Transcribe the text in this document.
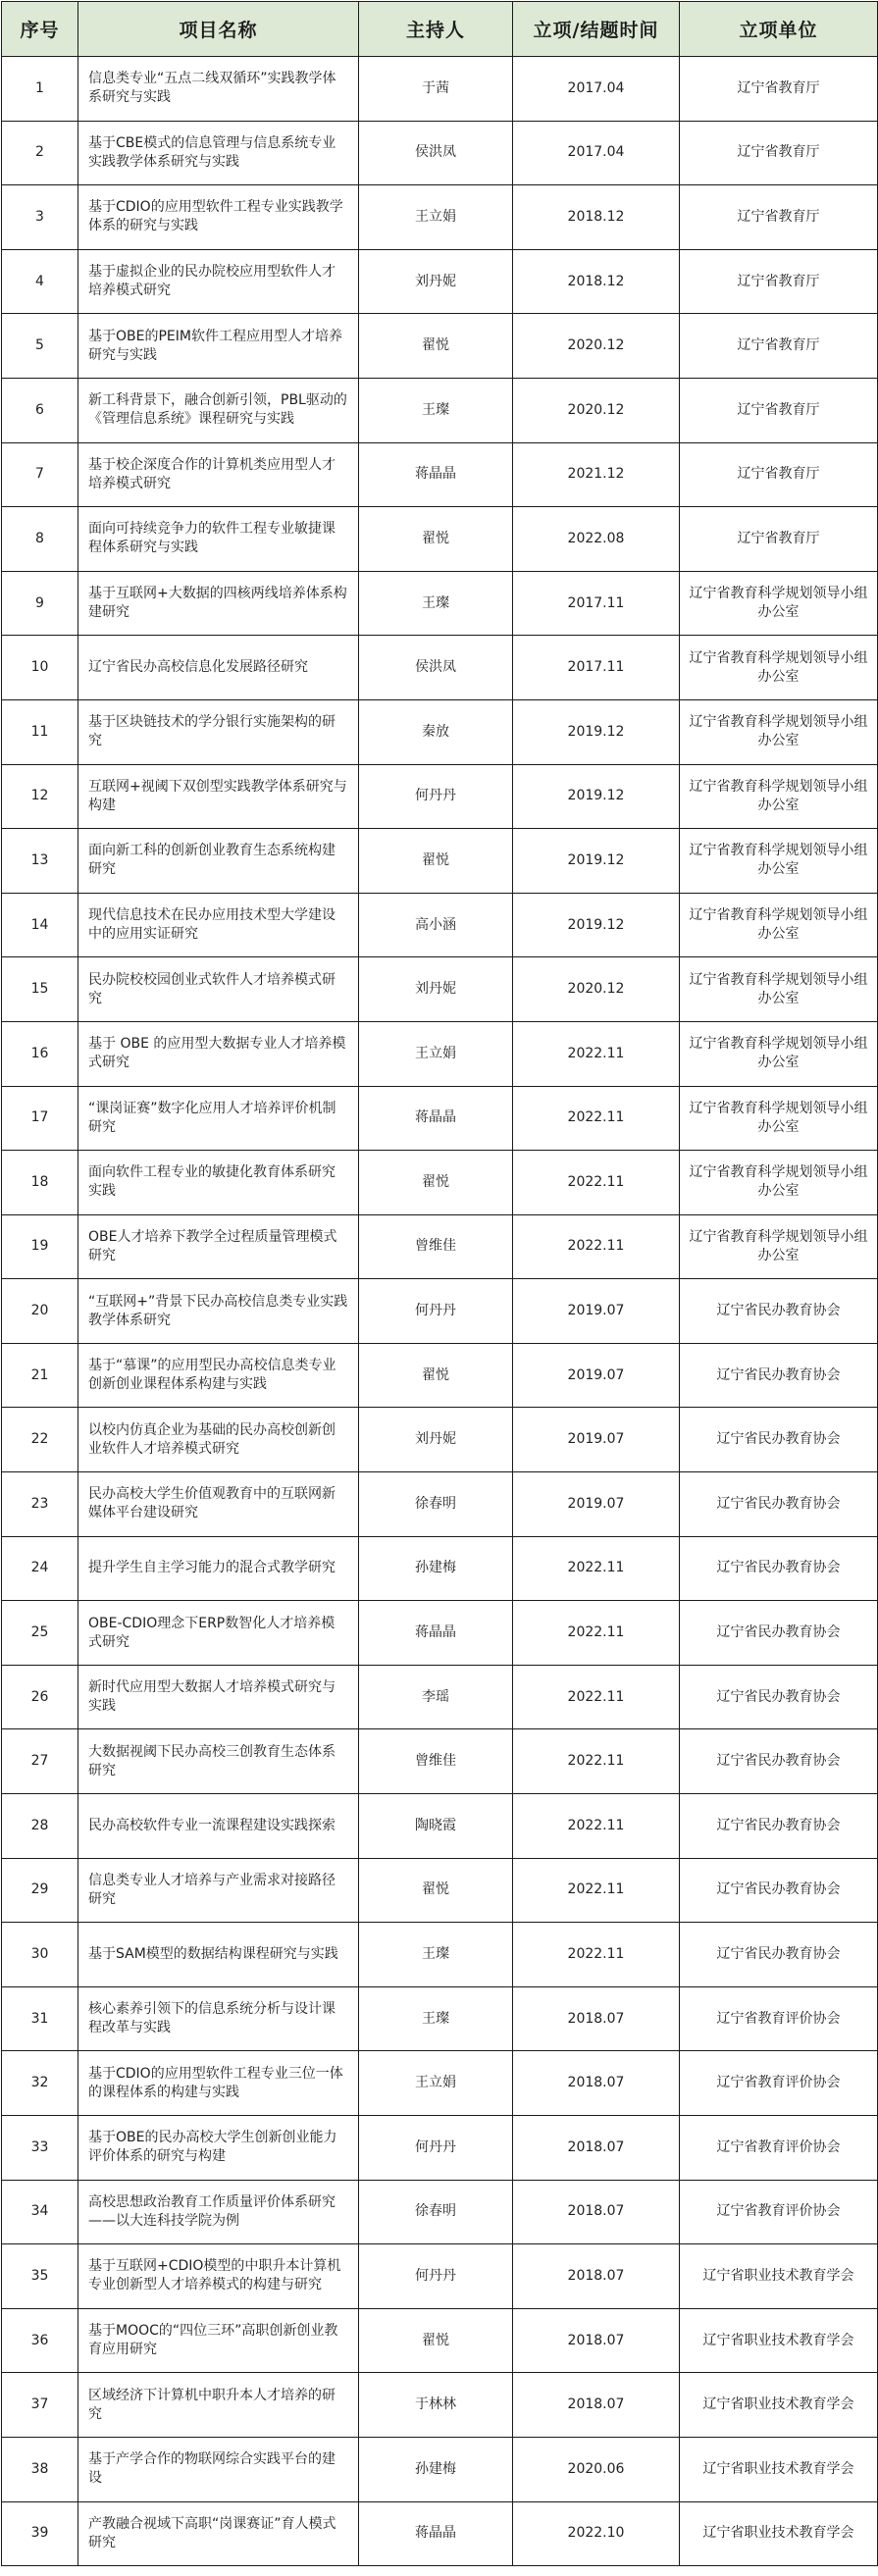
序号	项目名称	主持人	立项/结题时间	立项单位
1	信息类专业“五点二线双循环”实践教学体系研究与实践	于茜	2017.04	辽宁省教育厅
2	基于CBE模式的信息管理与信息系统专业实践教学体系研究与实践	侯洪凤	2017.04	辽宁省教育厅
3	基于CDIO的应用型软件工程专业实践教学体系的研究与实践	王立娟	2018.12	辽宁省教育厅
4	基于虚拟企业的民办院校应用型软件人才培养模式研究	刘丹妮	2018.12	辽宁省教育厅
5	基于OBE的PEIM软件工程应用型人才培养研究与实践	翟悦	2020.12	辽宁省教育厅
6	新工科背景下，融合创新引领，PBL驱动的《管理信息系统》课程研究与实践	王璨	2020.12	辽宁省教育厅
7	基于校企深度合作的计算机类应用型人才培养模式研究	蒋晶晶	2021.12	辽宁省教育厅
8	面向可持续竞争力的软件工程专业敏捷课程体系研究与实践	翟悦	2022.08	辽宁省教育厅
9	基于互联网+大数据的四核两线培养体系构建研究	王璨	2017.11	辽宁省教育科学规划领导小组办公室
10	辽宁省民办高校信息化发展路径研究	侯洪凤	2017.11	辽宁省教育科学规划领导小组办公室
11	基于区块链技术的学分银行实施架构的研究	秦放	2019.12	辽宁省教育科学规划领导小组办公室
12	互联网+视阈下双创型实践教学体系研究与构建	何丹丹	2019.12	辽宁省教育科学规划领导小组办公室
13	面向新工科的创新创业教育生态系统构建研究	翟悦	2019.12	辽宁省教育科学规划领导小组办公室
14	现代信息技术在民办应用技术型大学建设中的应用实证研究	高小涵	2019.12	辽宁省教育科学规划领导小组办公室
15	民办院校校园创业式软件人才培养模式研究	刘丹妮	2020.12	辽宁省教育科学规划领导小组办公室
16	基于 OBE 的应用型大数据专业人才培养模式研究	王立娟	2022.11	辽宁省教育科学规划领导小组办公室
17	“课岗证赛”数字化应用人才培养评价机制研究	蒋晶晶	2022.11	辽宁省教育科学规划领导小组办公室
18	面向软件工程专业的敏捷化教育体系研究实践	翟悦	2022.11	辽宁省教育科学规划领导小组办公室
19	OBE人才培养下教学全过程质量管理模式研究	曾维佳	2022.11	辽宁省教育科学规划领导小组办公室
20	“互联网+”背景下民办高校信息类专业实践教学体系研究	何丹丹	2019.07	辽宁省民办教育协会
21	基于“慕课”的应用型民办高校信息类专业创新创业课程体系构建与实践	翟悦	2019.07	辽宁省民办教育协会
22	以校内仿真企业为基础的民办高校创新创业软件人才培养模式研究	刘丹妮	2019.07	辽宁省民办教育协会
23	民办高校大学生价值观教育中的互联网新媒体平台建设研究	徐春明	2019.07	辽宁省民办教育协会
24	提升学生自主学习能力的混合式教学研究	孙建梅	2022.11	辽宁省民办教育协会
25	OBE-CDIO理念下ERP数智化人才培养模式研究	蒋晶晶	2022.11	辽宁省民办教育协会
26	新时代应用型大数据人才培养模式研究与实践	李瑶	2022.11	辽宁省民办教育协会
27	大数据视阈下民办高校三创教育生态体系研究	曾维佳	2022.11	辽宁省民办教育协会
28	民办高校软件专业一流课程建设实践探索	陶晓霞	2022.11	辽宁省民办教育协会
29	信息类专业人才培养与产业需求对接路径研究	翟悦	2022.11	辽宁省民办教育协会
30	基于SAM模型的数据结构课程研究与实践	王璨	2022.11	辽宁省民办教育协会
31	核心素养引领下的信息系统分析与设计课程改革与实践	王璨	2018.07	辽宁省教育评价协会
32	基于CDIO的应用型软件工程专业三位一体的课程体系的构建与实践	王立娟	2018.07	辽宁省教育评价协会
33	基于OBE的民办高校大学生创新创业能力评价体系的研究与构建	何丹丹	2018.07	辽宁省教育评价协会
34	高校思想政治教育工作质量评价体系研究——以大连科技学院为例	徐春明	2018.07	辽宁省教育评价协会
35	基于互联网+CDIO模型的中职升本计算机专业创新型人才培养模式的构建与研究	何丹丹	2018.07	辽宁省职业技术教育学会
36	基于MOOC的“四位三环”高职创新创业教育应用研究	翟悦	2018.07	辽宁省职业技术教育学会
37	区域经济下计算机中职升本人才培养的研究	于林林	2018.07	辽宁省职业技术教育学会
38	基于产学合作的物联网综合实践平台的建设	孙建梅	2020.06	辽宁省职业技术教育学会
39	产教融合视域下高职“岗课赛证”育人模式研究	蒋晶晶	2022.10	辽宁省职业技术教育学会
